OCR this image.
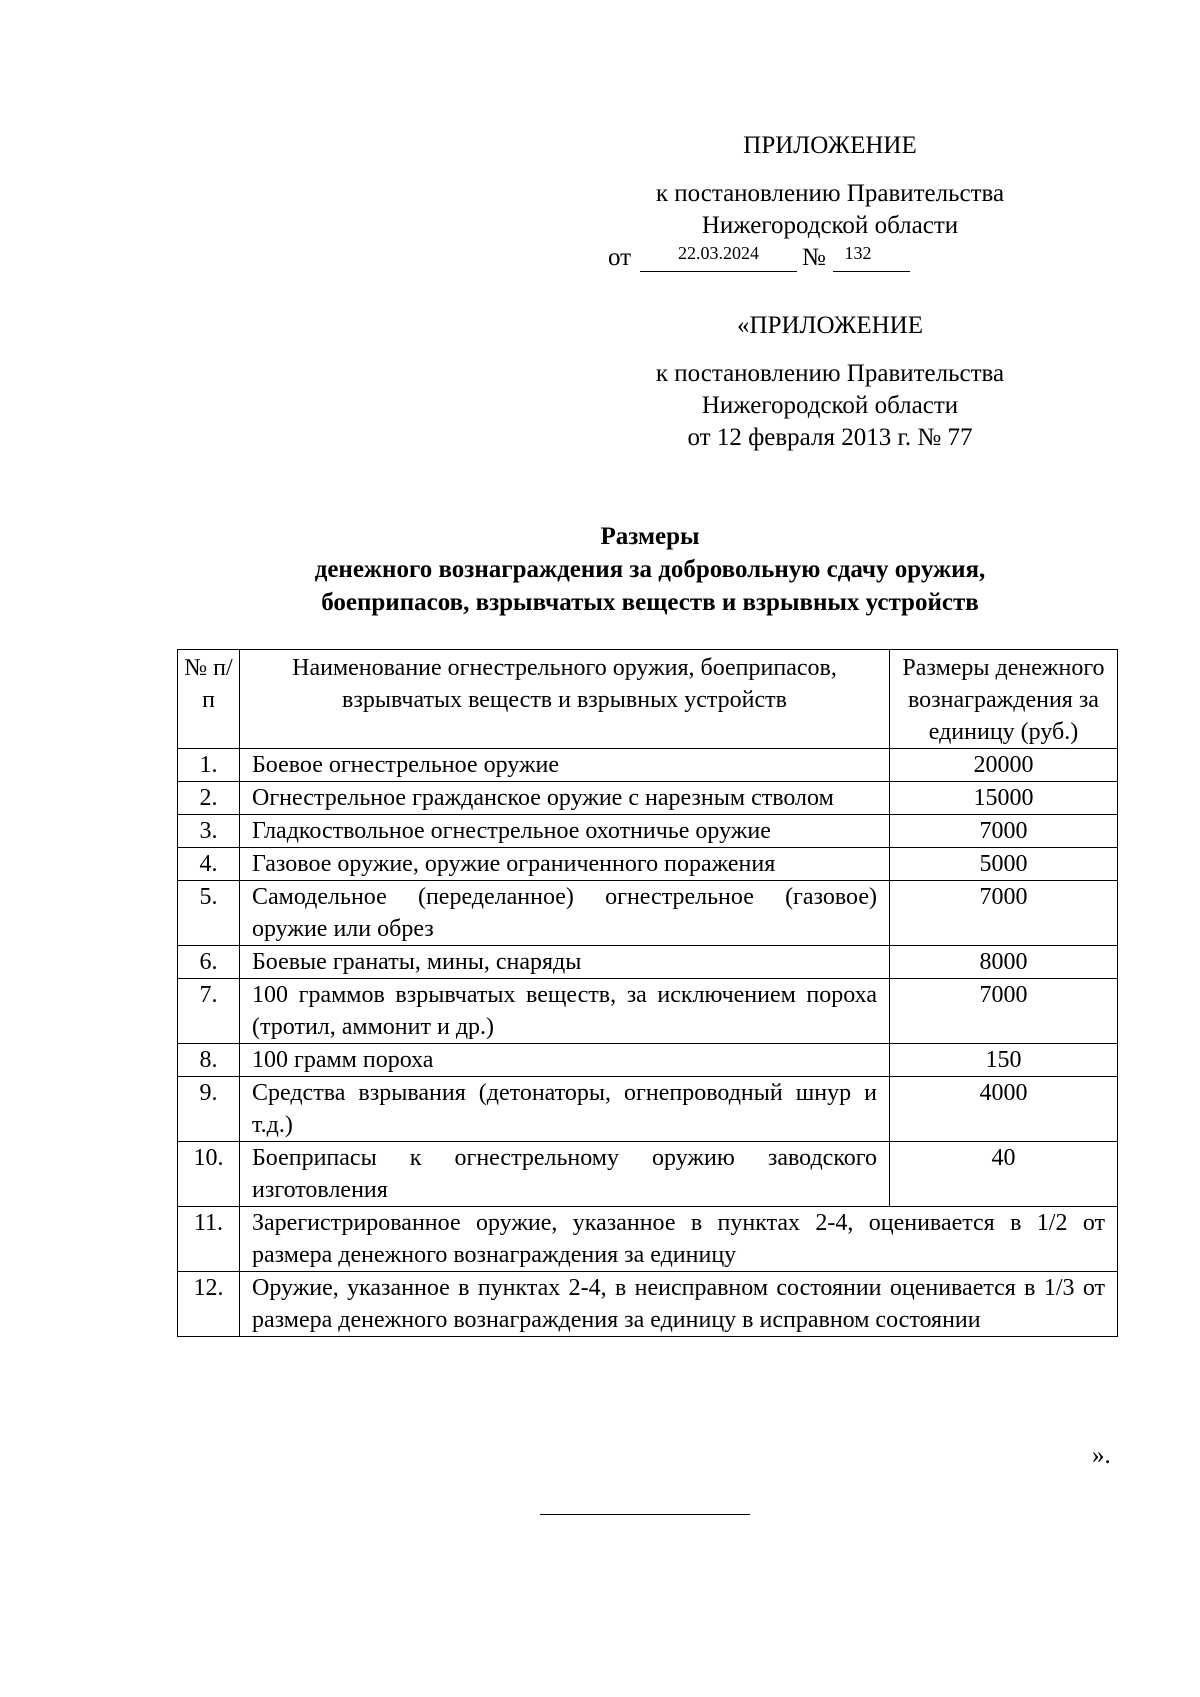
ПРИЛОЖЕНИЕ
к постановлению Правительства
Нижегородской области
от	22.03.2024	№	132
«ПРИЛОЖЕНИЕ
к постановлению Правительства
Нижегородской области
от 12 февраля 2013 г. № 77
Размеры
денежного вознаграждения за добровольную сдачу оружия,
боеприпасов, взрывчатых веществ и взрывных устройств
№ п/п	Наименование огнестрельного оружия, боеприпасов, взрывчатых веществ и взрывных устройств	Размеры денежного вознаграждения за единицу (руб.)
1.	Боевое огнестрельное оружие	20000
2.	Огнестрельное гражданское оружие с нарезным стволом	15000
3.	Гладкоствольное огнестрельное охотничье оружие	7000
4.	Газовое оружие, оружие ограниченного поражения	5000
5.	Самодельное (переделанное) огнестрельное (газовое) оружие или обрез	7000
6.	Боевые гранаты, мины, снаряды	8000
7.	100 граммов взрывчатых веществ, за исключением пороха (тротил, аммонит и др.)	7000
8.	100 грамм пороха	150
9.	Средства взрывания (детонаторы, огнепроводный шнур и т.д.)	4000
10.	Боеприпасы к огнестрельному оружию заводского изготовления	40
11.	Зарегистрированное оружие, указанное в пунктах 2-4, оценивается в 1/2 от размера денежного вознаграждения за единицу	
12.	Оружие, указанное в пунктах 2-4, в неисправном состоянии оценивается в 1/3 от размера денежного вознаграждения за единицу в исправном состоянии	
».
